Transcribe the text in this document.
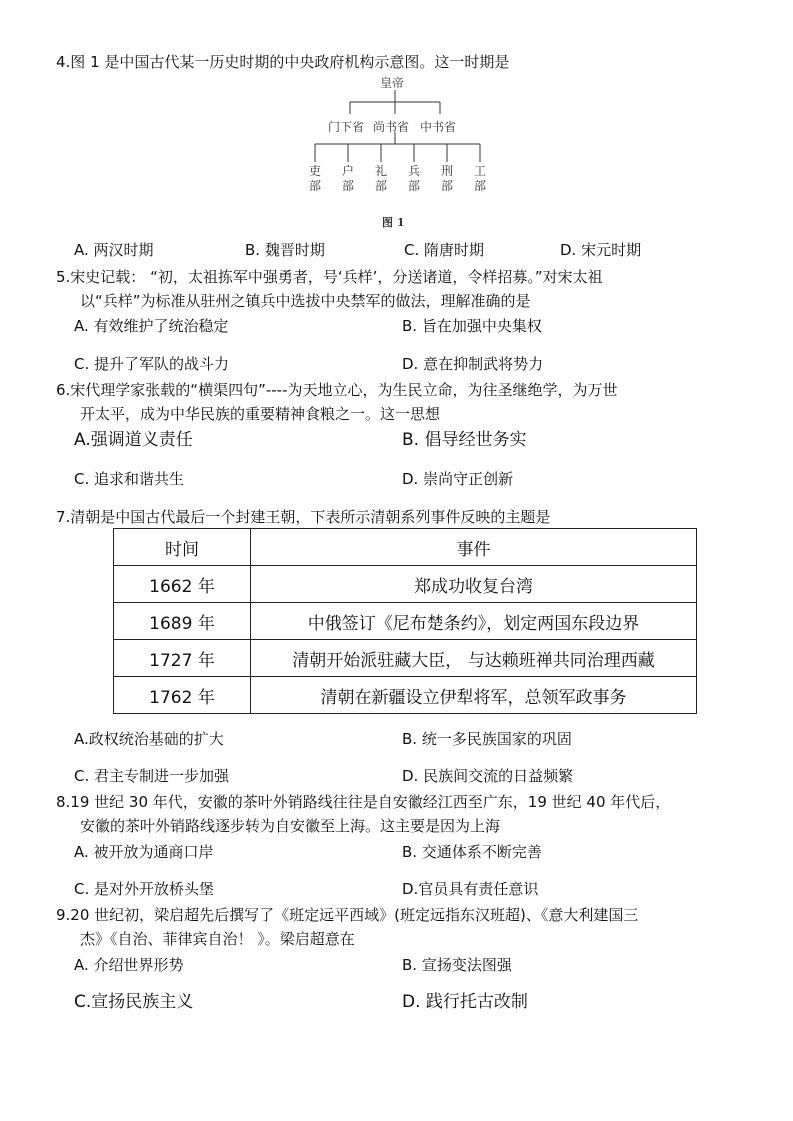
4.图 1 是中国古代某一历史时期的中央政府机构示意图。这一时期是
皇帝
门下省 尚书省 中书省
吏部
户部
礼部
兵部
刑部
工部
图 1
A. 两汉时期	B. 魏晋时期	C. 隋唐时期	D. 宋元时期
5.宋史记载： “初，太祖拣军中强勇者，号‘兵样’，分送诸道，令样招募。”对宋太祖
以“兵样”为标准从驻州之镇兵中选拔中央禁军的做法，理解准确的是
A. 有效维护了统治稳定	B. 旨在加强中央集权
C. 提升了军队的战斗力	D. 意在抑制武将势力
6.宋代理学家张载的“横渠四句”----为天地立心，为生民立命，为往圣继绝学，为万世
开太平，成为中华民族的重要精神食粮之一。这一思想
A.强调道义责任	B. 倡导经世务实
C. 追求和谐共生	D. 崇尚守正创新
7.清朝是中国古代最后一个封建王朝，下表所示清朝系列事件反映的主题是
时间	事件
1662 年	郑成功收复台湾
1689 年	中俄签订《尼布楚条约》，划定两国东段边界
1727 年	清朝开始派驻藏大臣， 与达赖班禅共同治理西藏
1762 年	清朝在新疆设立伊犁将军，总领军政事务
A.政权统治基础的扩大	B. 统一多民族国家的巩固
C. 君主专制进一步加强	D. 民族间交流的日益频繁
8.19 世纪 30 年代，安徽的茶叶外销路线往往是自安徽经江西至广东，19 世纪 40 年代后，
安徽的茶叶外销路线逐步转为自安徽至上海。这主要是因为上海
A. 被开放为通商口岸	B. 交通体系不断完善
C. 是对外开放桥头堡	D.官员具有责任意识
9.20 世纪初，梁启超先后撰写了《班定远平西域》(班定远指东汉班超)、《意大利建国三
杰》《自治、菲律宾自治！ 》。梁启超意在
A. 介绍世界形势	B. 宣扬变法图强
C.宣扬民族主义	D. 践行托古改制
